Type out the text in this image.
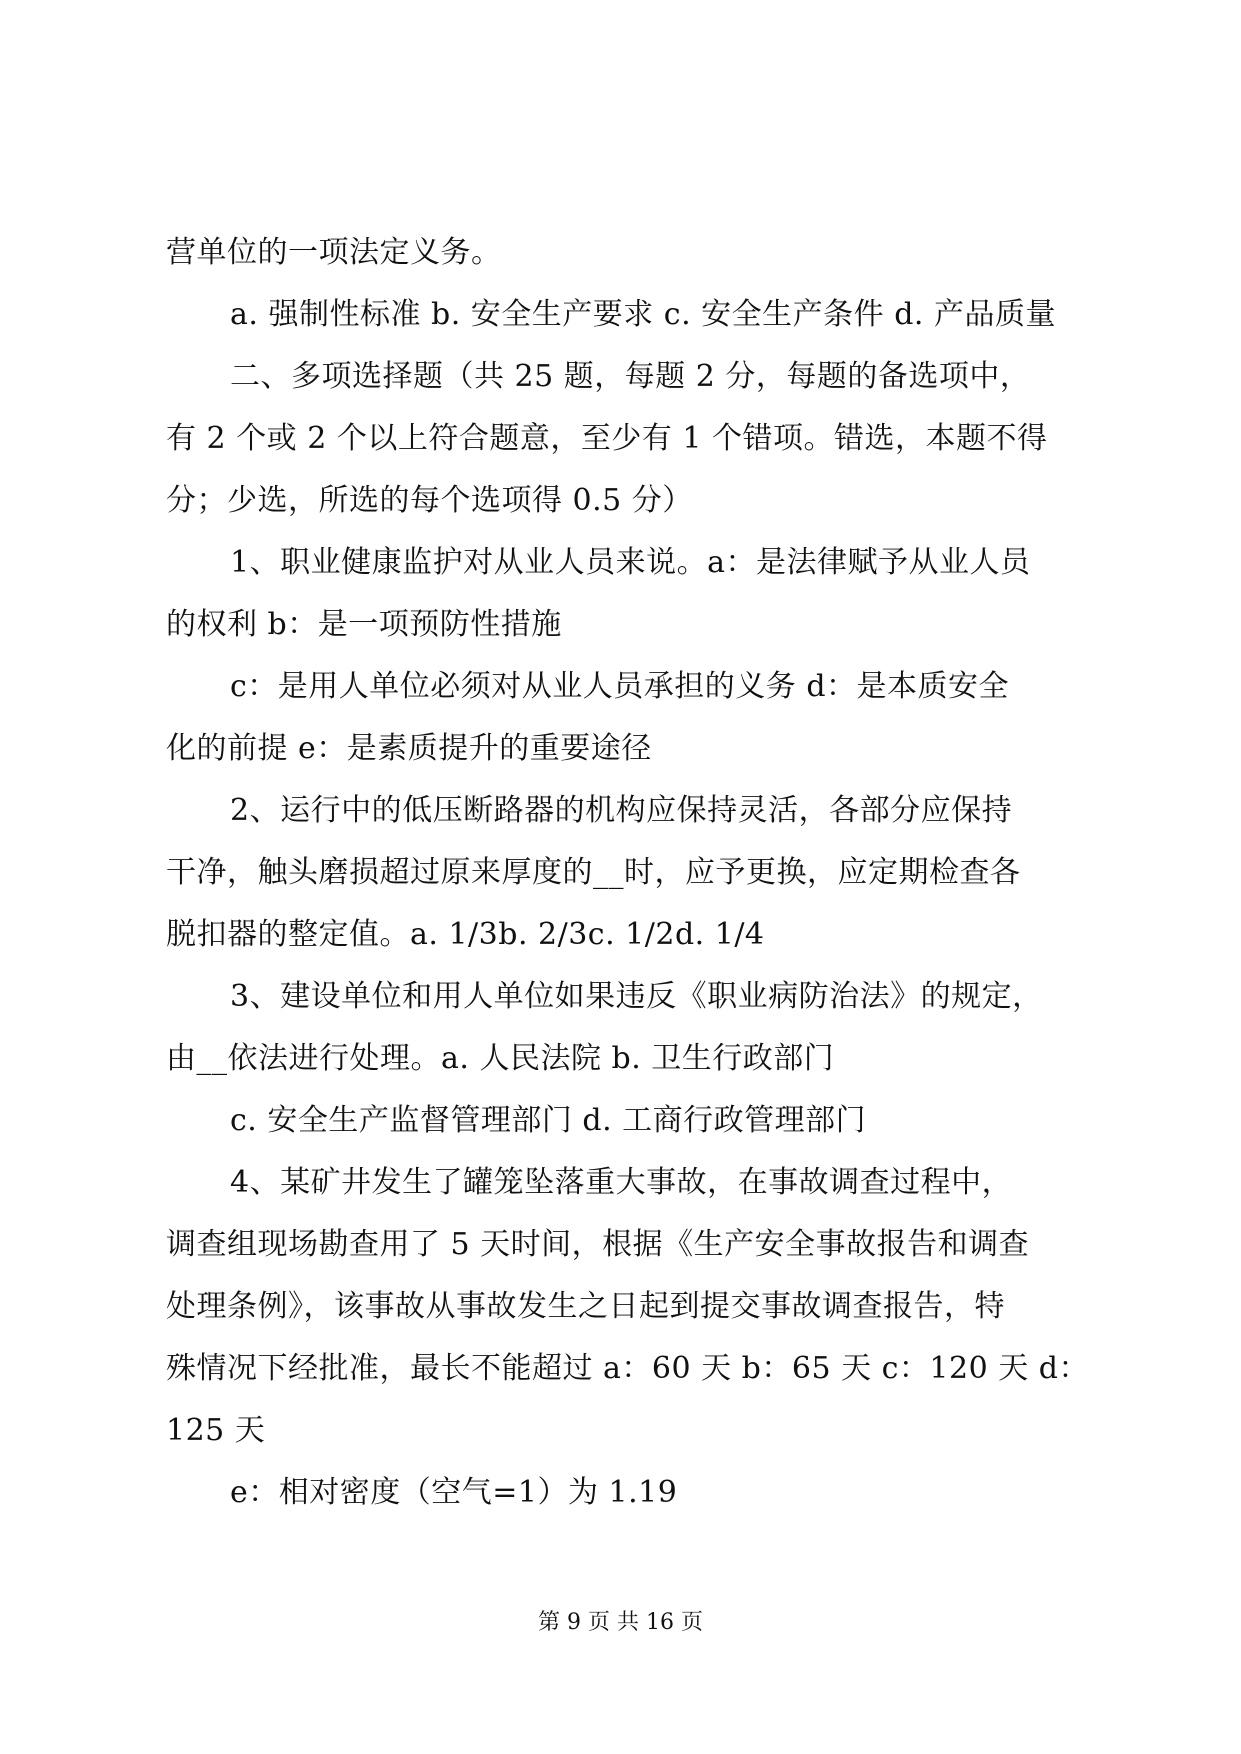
营单位的一项法定义务。
a. 强制性标准 b. 安全生产要求 c. 安全生产条件 d. 产品质量
二、多项选择题（共 25 题，每题 2 分，每题的备选项中，
有 2 个或 2 个以上符合题意，至少有 1 个错项。错选，本题不得
分；少选，所选的每个选项得 0.5 分）
1、职业健康监护对从业人员来说。a：是法律赋予从业人员
的权利 b：是一项预防性措施
c：是用人单位必须对从业人员承担的义务 d：是本质安全
化的前提 e：是素质提升的重要途径
2、运行中的低压断路器的机构应保持灵活，各部分应保持
干净，触头磨损超过原来厚度的__时，应予更换，应定期检查各
脱扣器的整定值。a. 1/3b. 2/3c. 1/2d. 1/4
3、建设单位和用人单位如果违反《职业病防治法》的规定，
由__依法进行处理。a. 人民法院 b. 卫生行政部门
c. 安全生产监督管理部门 d. 工商行政管理部门
4、某矿井发生了罐笼坠落重大事故，在事故调查过程中，
调查组现场勘查用了 5 天时间，根据《生产安全事故报告和调查
处理条例》，该事故从事故发生之日起到提交事故调查报告，特
殊情况下经批准，最长不能超过 a：60 天 b：65 天 c：120 天 d：
125 天
e：相对密度（空气=1）为 1.19
第 9 页 共 16 页
